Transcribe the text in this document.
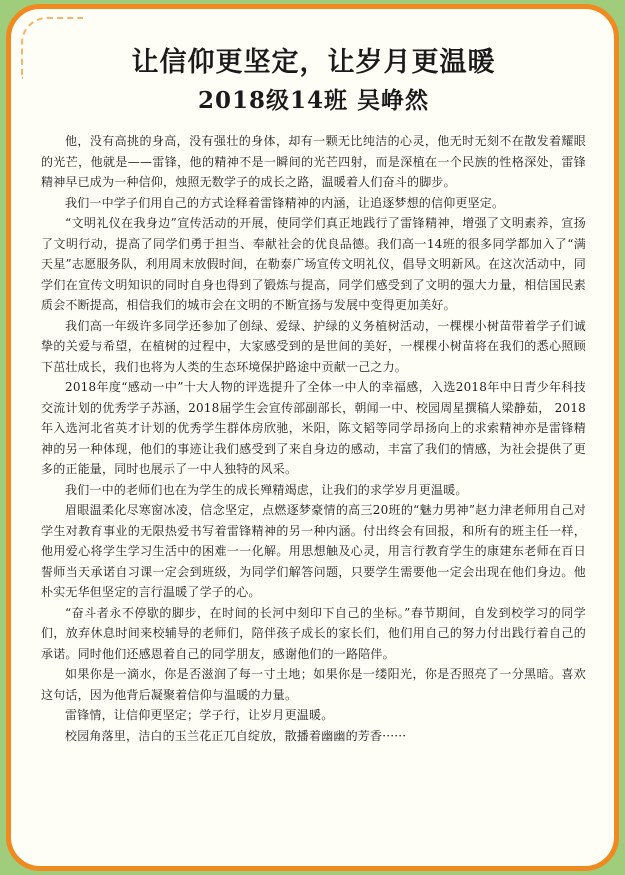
让信仰更坚定，让岁月更温暖
2018级14班 吴峥然

他，没有高挑的身高，没有强壮的身体，却有一颗无比纯洁的心灵，他无时无刻不在散发着耀眼的光芒，他就是——雷锋，他的精神不是一瞬间的光芒四射，而是深植在一个民族的性格深处，雷锋精神早已成为一种信仰，烛照无数学子的成长之路，温暖着人们奋斗的脚步。

我们一中学子们用自己的方式诠释着雷锋精神的内涵，让追逐梦想的信仰更坚定。

“文明礼仪在我身边”宣传活动的开展，使同学们真正地践行了雷锋精神，增强了文明素养，宣扬了文明行动，提高了同学们勇于担当、奉献社会的优良品德。我们高一14班的很多同学都加入了“满天星”志愿服务队，利用周末放假时间，在勒泰广场宣传文明礼仪，倡导文明新风。在这次活动中，同学们在宣传文明知识的同时自身也得到了锻炼与提高，同学们感受到了文明的强大力量，相信国民素质会不断提高，相信我们的城市会在文明的不断宣扬与发展中变得更加美好。

我们高一年级许多同学还参加了创绿、爱绿、护绿的义务植树活动，一棵棵小树苗带着学子们诚挚的关爱与希望，在植树的过程中，大家感受到的是世间的美好，一棵棵小树苗将在我们的悉心照顾下茁壮成长，我们也将为人类的生态环境保护路途中贡献一己之力。

2018年度“感动一中”十大人物的评选提升了全体一中人的幸福感，入选2018年中日青少年科技交流计划的优秀学子苏涵，2018届学生会宣传部副部长，朝闻一中、校园周星撰稿人梁静茹， 2018年入选河北省英才计划的优秀学生群体房欣驰，米阳，陈文韬等同学昂扬向上的求索精神亦是雷锋精神的另一种体现，他们的事迹让我们感受到了来自身边的感动，丰富了我们的情感，为社会提供了更多的正能量，同时也展示了一中人独特的风采。

我们一中的老师们也在为学生的成长殚精竭虑，让我们的求学岁月更温暖。

眉眼温柔化尽寒窗冰凌，信念坚定，点燃逐梦豪情的高三20班的“魅力男神”赵力津老师用自己对学生对教育事业的无限热爱书写着雷锋精神的另一种内涵。付出终会有回报，和所有的班主任一样，他用爱心将学生学习生活中的困难一一化解。用思想触及心灵，用言行教育学生的康建东老师在百日誓师当天承诺自习课一定会到班级，为同学们解答问题，只要学生需要他一定会出现在他们身边。他朴实无华但坚定的言行温暖了学子的心。

“奋斗者永不停歇的脚步，在时间的长河中刻印下自己的坐标。”春节期间，自发到校学习的同学们，放弃休息时间来校辅导的老师们，陪伴孩子成长的家长们，他们用自己的努力付出践行着自己的承诺。同时他们还感恩着自己的同学朋友，感谢他们的一路陪伴。

如果你是一滴水，你是否滋润了每一寸土地；如果你是一缕阳光，你是否照亮了一分黑暗。喜欢这句话，因为他背后凝聚着信仰与温暖的力量。

雷锋情，让信仰更坚定；学子行，让岁月更温暖。

校园角落里，洁白的玉兰花正兀自绽放，散播着幽幽的芳香······
